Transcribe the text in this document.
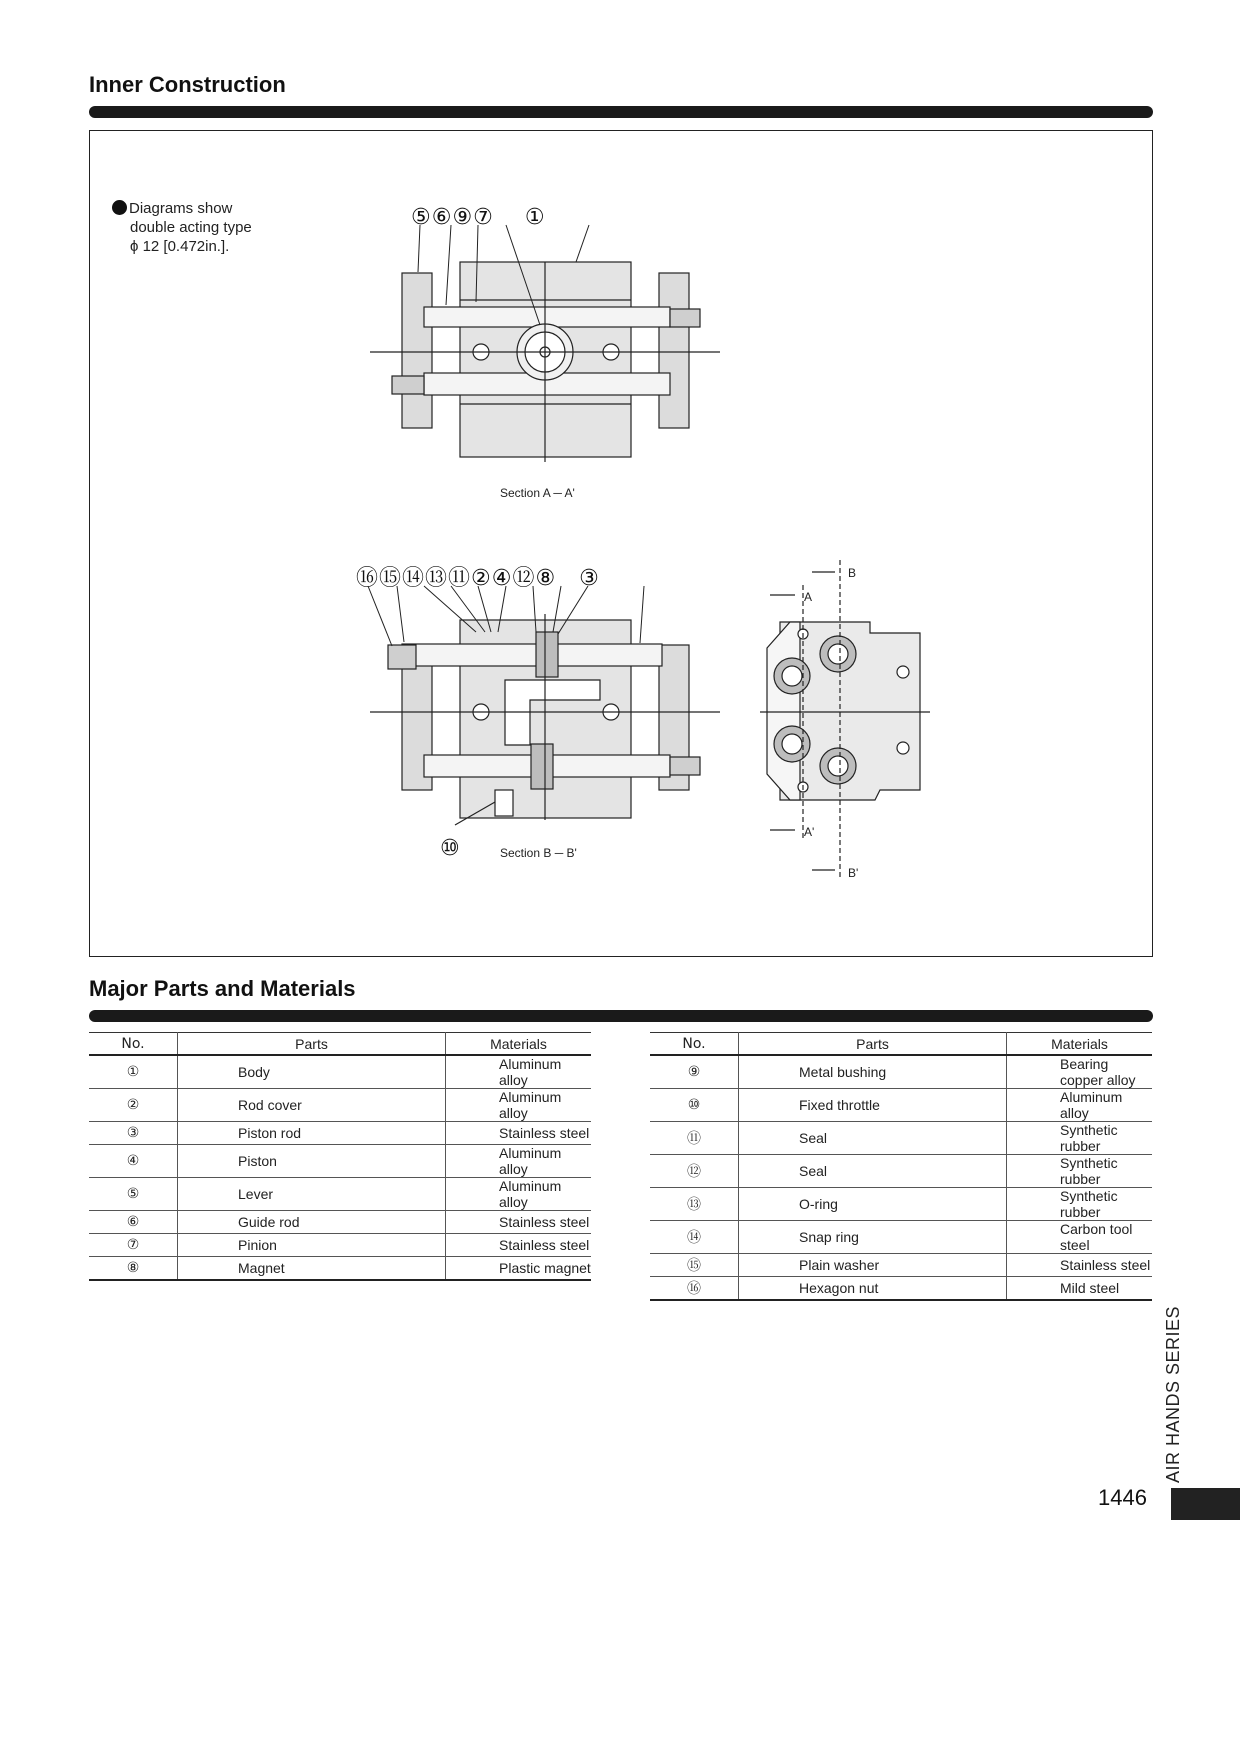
Inner Construction
Diagrams show
double acting type
ϕ 12 [0.472in.].
⑤⑥⑨⑦　 ①
Section A ─ A'
⑯⑮⑭⑬⑪②④⑫⑧　③
⑩	Section B ─ B'
B
A
A'
B'
Major Parts and Materials
No.	Parts	Materials
①	Body	Aluminum alloy
②	Rod cover	Aluminum alloy
③	Piston rod	Stainless steel
④	Piston	Aluminum alloy
⑤	Lever	Aluminum alloy
⑥	Guide rod	Stainless steel
⑦	Pinion	Stainless steel
⑧	Magnet	Plastic magnet
No.	Parts	Materials
⑨	Metal bushing	Bearing copper alloy
⑩	Fixed throttle	Aluminum alloy
⑪	Seal	Synthetic rubber
⑫	Seal	Synthetic rubber
⑬	O-ring	Synthetic rubber
⑭	Snap ring	Carbon tool steel
⑮	Plain washer	Stainless steel
⑯	Hexagon nut	Mild steel
AIR HANDS SERIES
1446
